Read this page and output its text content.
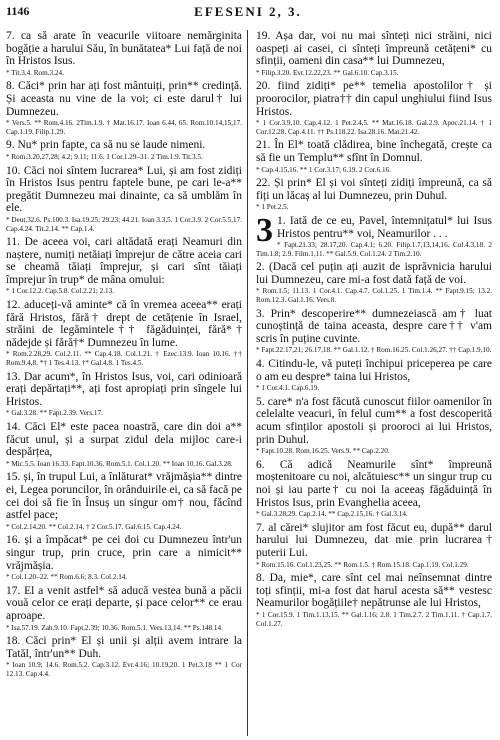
1146	EFESENI 2, 3.

7. ca să arate în veacurile viitoare nemărginita bogăție a harului Său, în bunătatea* Lui față de noi în Hristos Isus.

* Tit.3.4. Rom.3.24.

8. Căci* prin har ați fost mântuiți, prin** credință. Și aceasta nu vine de la voi; ci este darul† lui Dumnezeu.

* Vers.5. ** Rom.4.16. 2Tim.1.9. † Mat.16.17. Ioan 6.44, 65. Rom.10.14,15,17. Cap.1.19. Filip.1.29.

9. Nu* prin fapte, ca să nu se laude nimeni.

* Rom.3.20,27,28; 4.2; 9.11; 11.6. 1 Cor.1.29–31. 2 Tim.1.9. Tit.3.5.

10. Căci noi sîntem lucrarea* Lui, și am fost zidiți în Hristos Isus pentru faptele bune, pe cari le-a** pregătit Dumnezeu mai dinainte, ca să umblăm în ele.

* Deut.32.6. Ps.100.3. Isa.19.25; 29.23; 44.21. Ioan 3.3,5. 1 Cor.3.9. 2 Cor.5.5,17. Cap.4.24. Tit.2.14. ** Cap.1.4.

11. De aceea voi, cari altădată erați Neamuri din naștere, numiți netăiați împrejur de către aceia cari se cheamă tăiați împrejur, și cari sînt tăiați împrejur în trup* de mâna omului:

* 1 Cor.12.2. Cap.5.8. Col.2.21; 2.13.

12. aduceți-vă aminte* că în vremea aceea** erați fără Hristos, fără† drept de cetățenie în Israel, străini de legămintele†† făgăduinței, fără*† nădejde și fără†* Dumnezeu în lume.

* Rom.2.28,29. Col.2.11. ** Cap.4.18. Col.1.21. † Ezec.13.9. Ioan 10.16. †† Rom.9.4,8. *† 1 Tes.4.13. †* Gal.4.8. 1 Tes.4.5.

13. Dar acum*, în Hristos Isus, voi, cari odinioară erați depărtați**, ați fost apropiați prin sîngele lui Hristos.

* Gal.3.28. ** Fapt.2.39. Vers.17.

14. Căci El* este pacea noastră, care din doi a** făcut unul, și a surpat zidul dela mijloc care-i despărțea,

* Mic.5.5. Ioan 16.33. Fapt.10.36. Rom.5.1. Col.1.20. ** Ioan 10.16. Gal.3.28.

15. și, în trupul Lui, a înlăturat* vrăjmășia** dintre ei, Legea poruncilor, în orânduirile ei, ca să facă pe cei doi să fie în Însuș un singur om† nou, făcînd astfel pace;

* Col.2.14,20. ** Col.2.14. † 2 Cor.5.17. Gal.6.15. Cap.4.24.

16. și a împăcat* pe cei doi cu Dumnezeu într'un singur trup, prin cruce, prin care a nimicit** vrăjmășia.

* Col.1.20–22. ** Rom.6.6; 8.3. Col.2.14.

17. El a venit astfel* să aducă vestea bună a păcii vouă celor ce erați departe, și pace celor** ce erau aproape.

* Isa.57.19. Zah.9.10. Fapt.2.39; 10.36. Rom.5.1. Vers.13,14. ** Ps.148.14.

18. Căci prin* El și unii și alții avem intrare la Tatăl, într'un** Duh.

* Ioan 10.9; 14.6. Rom.5.2. Cap.3.12. Evr.4.16; 10.19,20. 1 Pet.3.18 ** 1 Cor 12.13. Cap.4.4.

19. Așa dar, voi nu mai sînteți nici străini, nici oaspeți ai casei, ci sînteți împreună cetățeni* cu sfinții, oameni din casa** lui Dumnezeu,

* Filip.3.20. Evr.12.22,23. ** Gal.6.10. Cap.3.15.

20. fiind zidiți* pe** temelia apostolilor† și proorocilor, piatra†† din capul unghiului fiind Isus Hristos.

* 1 Cor.3.9,10. Cap.4.12. 1 Pet.2.4,5. ** Mat.16.18. Gal.2.9. Apoc.21.14. † 1 Cor.12.28. Cap.4.11. †† Ps.118.22. Isa.28.16. Mat.21.42.

21. În El* toată clădirea, bine închegată, crește ca să fie un Templu** sfînt în Domnul.

* Cap.4.15,16. ** 1 Cor.3.17; 6.19. 2 Cor.6.16.

22. Și prin* El și voi sînteți zidiți împreună, ca să fiți un lăcaș al lui Dumnezeu, prin Duhul.

* 1 Pet.2.5.

3 1. Iată de ce eu, Pavel, întemnițatul* lui Isus Hristos pentru** voi, Neamurilor . . .

* Fapt.21.33; 28.17,20. Cap.4.1; 6.20. Filip.1.7,13,14,16. Col.4.3,18. 2 Tim.1.8; 2.9. Film.1,11. ** Gal.5.9. Col.1.24. 2 Tim.2.10.

2. (Dacă cel puțin ați auzit de isprăvnicia harului lui Dumnezeu, care mi-a fost dată față de voi.

* Rom.1.5; 11.13. 1 Cor.4.1. Cap.4.7. Col.1.25. 1 Tim.1.4. ** Fapt.9.15; 13.2. Rom.12.3. Gal.1.16. Vers.8.

3. Prin* descoperire** dumnezeiască am† luat cunoștință de taina aceasta, despre care†† v'am scris în puține cuvinte.

* Fapt.22.17,21; 26.17,18. ** Gal.1.12. † Rom.16.25. Col.1.26,27. †† Cap.1.9,10.

4. Citindu-le, vă puteți închipui priceperea pe care o am eu despre* taina lui Hristos,

* 1 Cor.4.1. Cap.6.19.

5. care* n'a fost făcută cunoscut fiilor oamenilor în celelalte veacuri, în felul cum** a fost descoperită acum sfinților apostoli și prooroci ai lui Hristos, prin Duhul.

* Fapt.10.28. Rom.16.25. Vers.9. ** Cap.2.20.

6. Că adică Neamurile sînt* împreună moștenitoare cu noi, alcătuiesc** un singur trup cu noi și iau parte† cu noi la aceeaș făgăduință în Hristos Isus, prin Evanghelia aceea,

* Gal.3.28,29. Cap.2.14. ** Cap.2.15,16. † Gal.3.14.

7. al cărei* slujitor am fost făcut eu, după** darul harului lui Dumnezeu, dat mie prin lucrarea† puterii Lui.

* Rom.15.16. Col.1.23,25. ** Rom.1.5. † Rom.15.18. Cap.1.19. Col.1.29.

8. Da, mie*, care sînt cel mai neînsemnat dintre toți sfinții, mi-a fost dat harul acesta să** vestesc Neamurilor bogățiile† nepătrunse ale lui Hristos,

* 1 Cor.15.9. 1 Tim.1.13,15. ** Gal.1.16; 2.8. 1 Tim.2.7. 2 Tim.1.11. † Cap.1.7. Col.1.27.
